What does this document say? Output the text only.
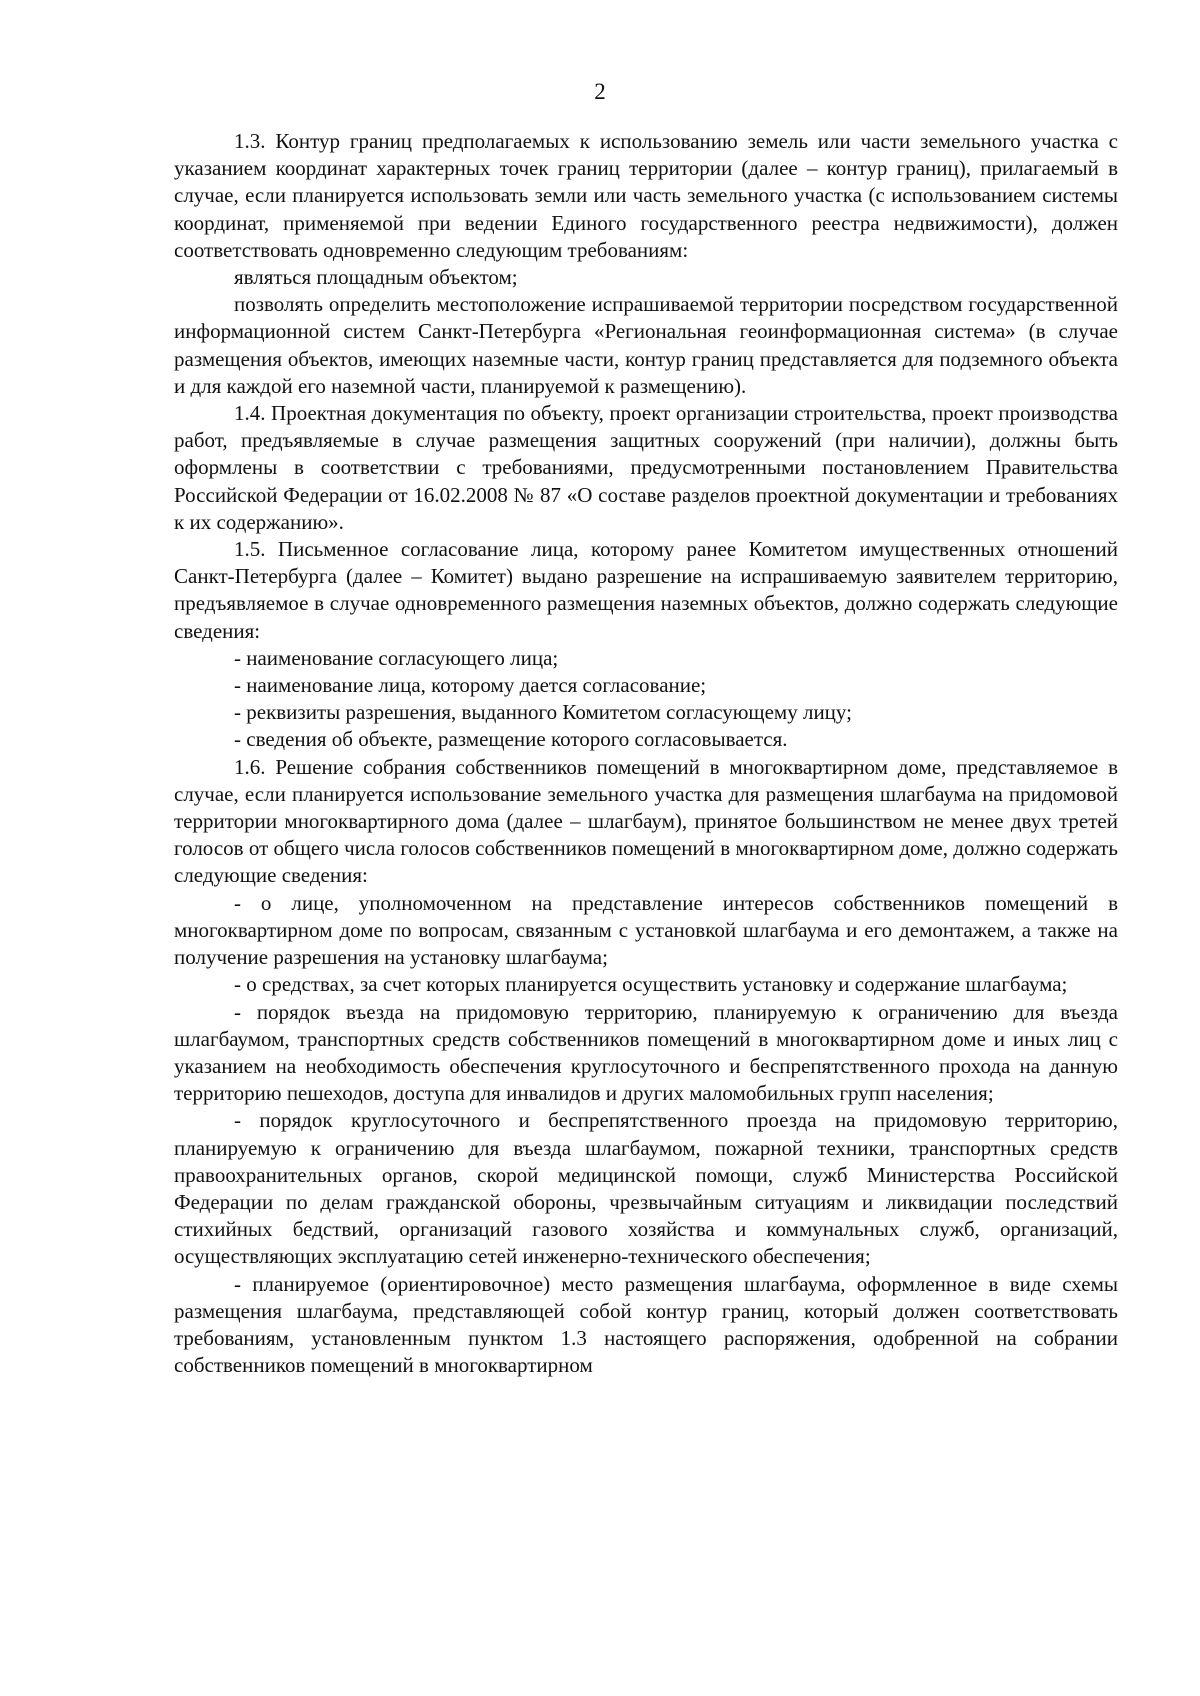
2

1.3. Контур границ предполагаемых к использованию земель или части земельного участка с указанием координат характерных точек границ территории (далее – контур границ), прилагаемый в случае, если планируется использовать земли или часть земельного участка (с использованием системы координат, применяемой при ведении Единого государственного реестра недвижимости), должен соответствовать одновременно следующим требованиям:

являться площадным объектом;

позволять определить местоположение испрашиваемой территории посредством государственной информационной систем Санкт-Петербурга «Региональная геоинформационная система» (в случае размещения объектов, имеющих наземные части, контур границ представляется для подземного объекта и для каждой его наземной части, планируемой к размещению).

1.4. Проектная документация по объекту, проект организации строительства, проект производства работ, предъявляемые в случае размещения защитных сооружений (при наличии), должны быть оформлены в соответствии с требованиями, предусмотренными постановлением Правительства Российской Федерации от 16.02.2008 № 87 «О составе разделов проектной документации и требованиях к их содержанию».

1.5. Письменное согласование лица, которому ранее Комитетом имущественных отношений Санкт-Петербурга (далее – Комитет) выдано разрешение на испрашиваемую заявителем территорию, предъявляемое в случае одновременного размещения наземных объектов, должно содержать следующие сведения:

- наименование согласующего лица;

- наименование лица, которому дается согласование;

- реквизиты разрешения, выданного Комитетом согласующему лицу;

- сведения об объекте, размещение которого согласовывается.

1.6. Решение собрания собственников помещений в многоквартирном доме, представляемое в случае, если планируется использование земельного участка для размещения шлагбаума на придомовой территории многоквартирного дома (далее – шлагбаум), принятое большинством не менее двух третей голосов от общего числа голосов собственников помещений в многоквартирном доме, должно содержать следующие сведения:

- о лице, уполномоченном на представление интересов собственников помещений в многоквартирном доме по вопросам, связанным с установкой шлагбаума и его демонтажем, а также на получение разрешения на установку шлагбаума;

- о средствах, за счет которых планируется осуществить установку и содержание шлагбаума;

- порядок въезда на придомовую территорию, планируемую к ограничению для въезда шлагбаумом, транспортных средств собственников помещений в многоквартирном доме и иных лиц с указанием на необходимость обеспечения круглосуточного и беспрепятственного прохода на данную территорию пешеходов, доступа для инвалидов и других маломобильных групп населения;

- порядок круглосуточного и беспрепятственного проезда на придомовую территорию, планируемую к ограничению для въезда шлагбаумом, пожарной техники, транспортных средств правоохранительных органов, скорой медицинской помощи, служб Министерства Российской Федерации по делам гражданской обороны, чрезвычайным ситуациям и ликвидации последствий стихийных бедствий, организаций газового хозяйства и коммунальных служб, организаций, осуществляющих эксплуатацию сетей инженерно-технического обеспечения;

- планируемое (ориентировочное) место размещения шлагбаума, оформленное в виде схемы размещения шлагбаума, представляющей собой контур границ, который должен соответствовать требованиям, установленным пунктом 1.3 настоящего распоряжения, одобренной на собрании собственников помещений в многоквартирном
